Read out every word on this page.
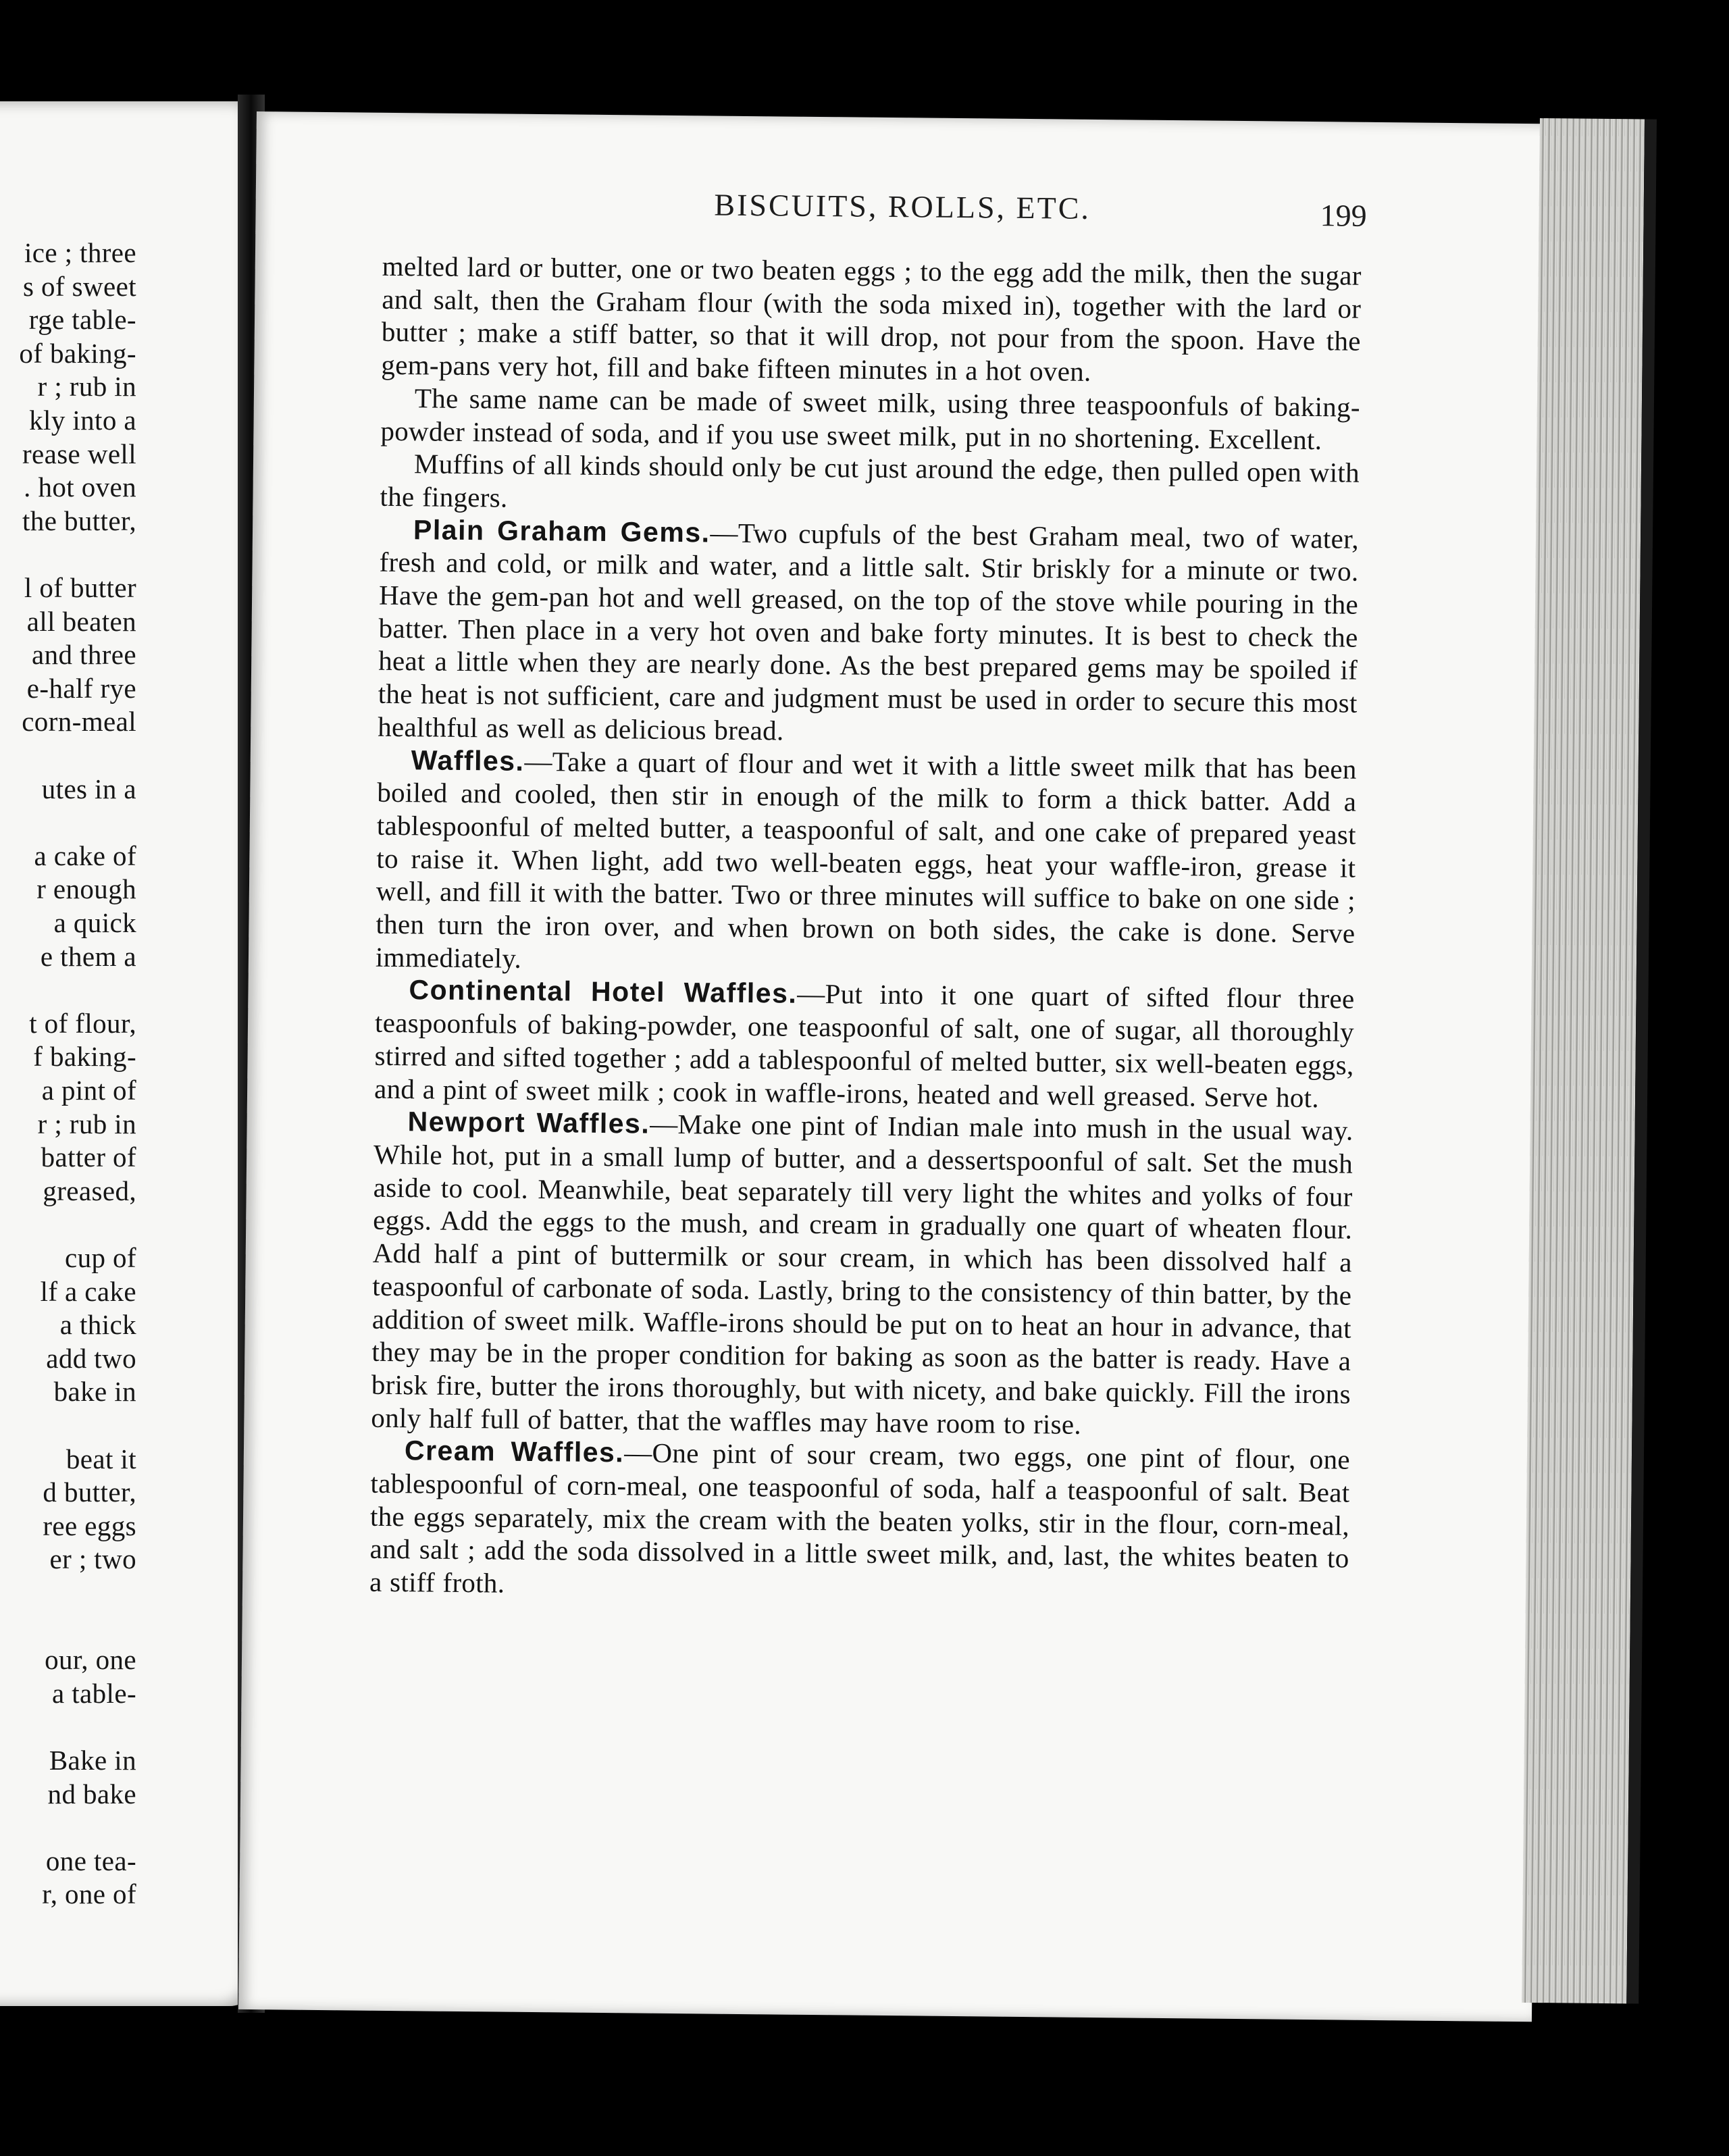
ice ; three

s of sweet

rge table-

of baking-

r ; rub in

kly into a

rease well

. hot oven

the butter,

l of butter

all beaten

and three

e-half rye

corn-meal

utes in a

a cake of

r enough

a quick

e them a

t of flour,

f baking-

a pint of

r ; rub in

batter of

greased,

cup of

lf a cake

a thick

add two

bake in

beat it

d butter,

ree eggs

er ; two

our, one

a table-

Bake in

nd bake

one tea-

r, one of

BISCUITS, ROLLS, ETC.	199

melted lard or butter, one or two beaten eggs ; to the egg add the milk, then the sugar and salt, then the Graham flour (with the soda mixed in), together with the lard or butter ; make a stiff batter, so that it will drop, not pour from the spoon. Have the gem-pans very hot, fill and bake fifteen minutes in a hot oven.

The same name can be made of sweet milk, using three teaspoonfuls of baking-powder instead of soda, and if you use sweet milk, put in no shortening. Excellent.

Muffins of all kinds should only be cut just around the edge, then pulled open with the fingers.

Plain Graham Gems.—Two cupfuls of the best Graham meal, two of water, fresh and cold, or milk and water, and a little salt. Stir briskly for a minute or two. Have the gem-pan hot and well greased, on the top of the stove while pouring in the batter. Then place in a very hot oven and bake forty minutes. It is best to check the heat a little when they are nearly done. As the best prepared gems may be spoiled if the heat is not sufficient, care and judgment must be used in order to secure this most healthful as well as delicious bread.

Waffles.—Take a quart of flour and wet it with a little sweet milk that has been boiled and cooled, then stir in enough of the milk to form a thick batter. Add a tablespoonful of melted butter, a teaspoonful of salt, and one cake of prepared yeast to raise it. When light, add two well-beaten eggs, heat your waffle-iron, grease it well, and fill it with the batter. Two or three minutes will suffice to bake on one side ; then turn the iron over, and when brown on both sides, the cake is done. Serve immediately.

Continental Hotel Waffles.—Put into it one quart of sifted flour three teaspoonfuls of baking-powder, one teaspoonful of salt, one of sugar, all thoroughly stirred and sifted together ; add a tablespoonful of melted butter, six well-beaten eggs, and a pint of sweet milk ; cook in waffle-irons, heated and well greased. Serve hot.

Newport Waffles.—Make one pint of Indian male into mush in the usual way. While hot, put in a small lump of butter, and a dessertspoonful of salt. Set the mush aside to cool. Meanwhile, beat separately till very light the whites and yolks of four eggs. Add the eggs to the mush, and cream in gradually one quart of wheaten flour. Add half a pint of buttermilk or sour cream, in which has been dissolved half a teaspoonful of carbonate of soda. Lastly, bring to the consistency of thin batter, by the addition of sweet milk. Waffle-irons should be put on to heat an hour in advance, that they may be in the proper condition for baking as soon as the batter is ready. Have a brisk fire, butter the irons thoroughly, but with nicety, and bake quickly. Fill the irons only half full of batter, that the waffles may have room to rise.

Cream Waffles.—One pint of sour cream, two eggs, one pint of flour, one tablespoonful of corn-meal, one teaspoonful of soda, half a teaspoonful of salt. Beat the eggs separately, mix the cream with the beaten yolks, stir in the flour, corn-meal, and salt ; add the soda dissolved in a little sweet milk, and, last, the whites beaten to a stiff froth.
